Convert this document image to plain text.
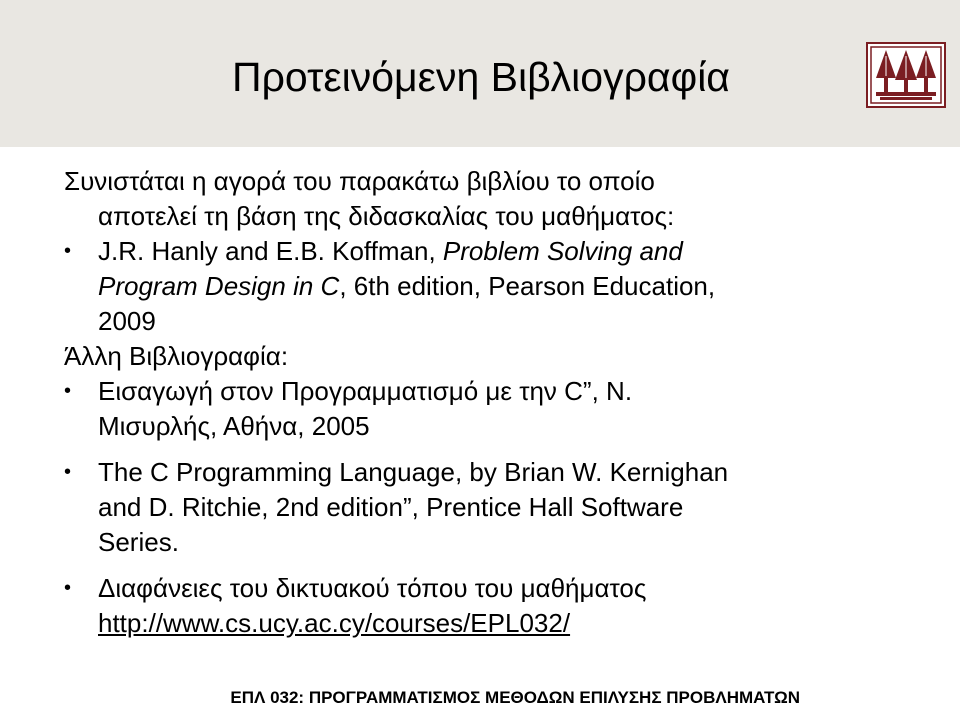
Προτεινόμενη Βιβλιογραφία
Συνιστάται η αγορά του παρακάτω βιβλίου το οποίο
αποτελεί τη βάση της διδασκαλίας του μαθήματος:
• J.R. Hanly and E.B. Koffman, Problem Solving and
Program Design in C, 6th edition, Pearson Education,
2009
Άλλη Βιβλιογραφία:
• Εισαγωγή στον Προγραμματισμό με την C”, Ν.
Μισυρλής, Αθήνα, 2005
• The C Programming Language, by Brian W. Kernighan
and D. Ritchie, 2nd edition”, Prentice Hall Software
Series.
• Διαφάνειες του δικτυακού τόπου του μαθήματος
http://www.cs.ucy.ac.cy/courses/EPL032/
ΕΠΛ 032: ΠΡΟΓΡΑΜΜΑΤΙΣΜΟΣ ΜΕΘΟΔΩΝ ΕΠΙΛΥΣΗΣ ΠΡΟΒΛΗΜΑΤΩΝ
